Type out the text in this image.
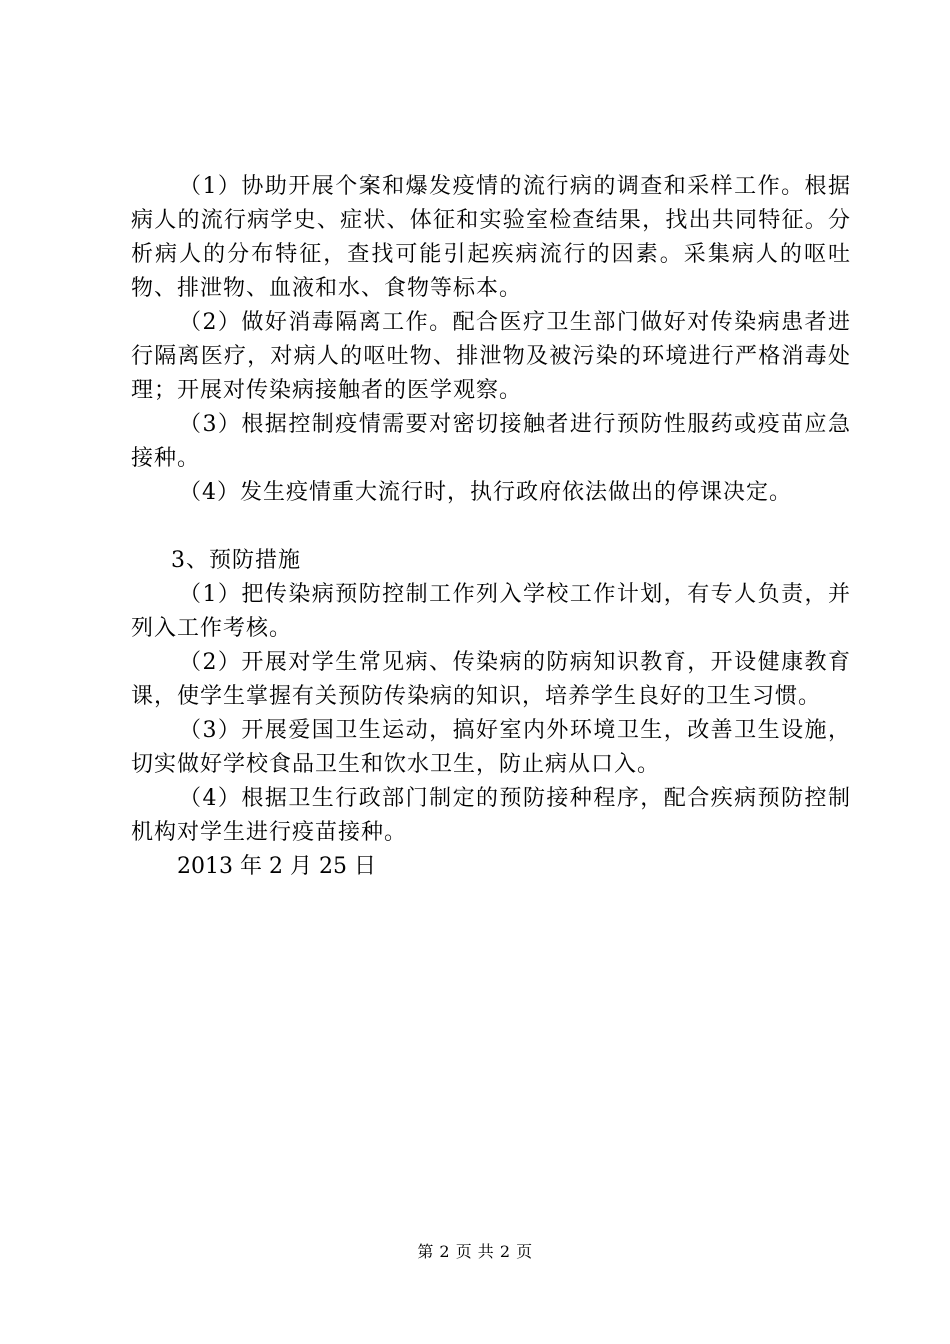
（1）协助开展个案和爆发疫情的流行病的调查和采样工作。根据病人的流行病学史、症状、体征和实验室检查结果，找出共同特征。分析病人的分布特征，查找可能引起疾病流行的因素。采集病人的呕吐物、排泄物、血液和水、食物等标本。

（2）做好消毒隔离工作。配合医疗卫生部门做好对传染病患者进行隔离医疗，对病人的呕吐物、排泄物及被污染的环境进行严格消毒处理；开展对传染病接触者的医学观察。

（3）根据控制疫情需要对密切接触者进行预防性服药或疫苗应急接种。

（4）发生疫情重大流行时，执行政府依法做出的停课决定。

3、预防措施

（1）把传染病预防控制工作列入学校工作计划，有专人负责，并列入工作考核。

（2）开展对学生常见病、传染病的防病知识教育，开设健康教育课，使学生掌握有关预防传染病的知识，培养学生良好的卫生习惯。

（3）开展爱国卫生运动，搞好室内外环境卫生，改善卫生设施，切实做好学校食品卫生和饮水卫生，防止病从口入。

（4）根据卫生行政部门制定的预防接种程序，配合疾病预防控制机构对学生进行疫苗接种。

2013 年 2 月 25 日

第 2 页 共 2 页
